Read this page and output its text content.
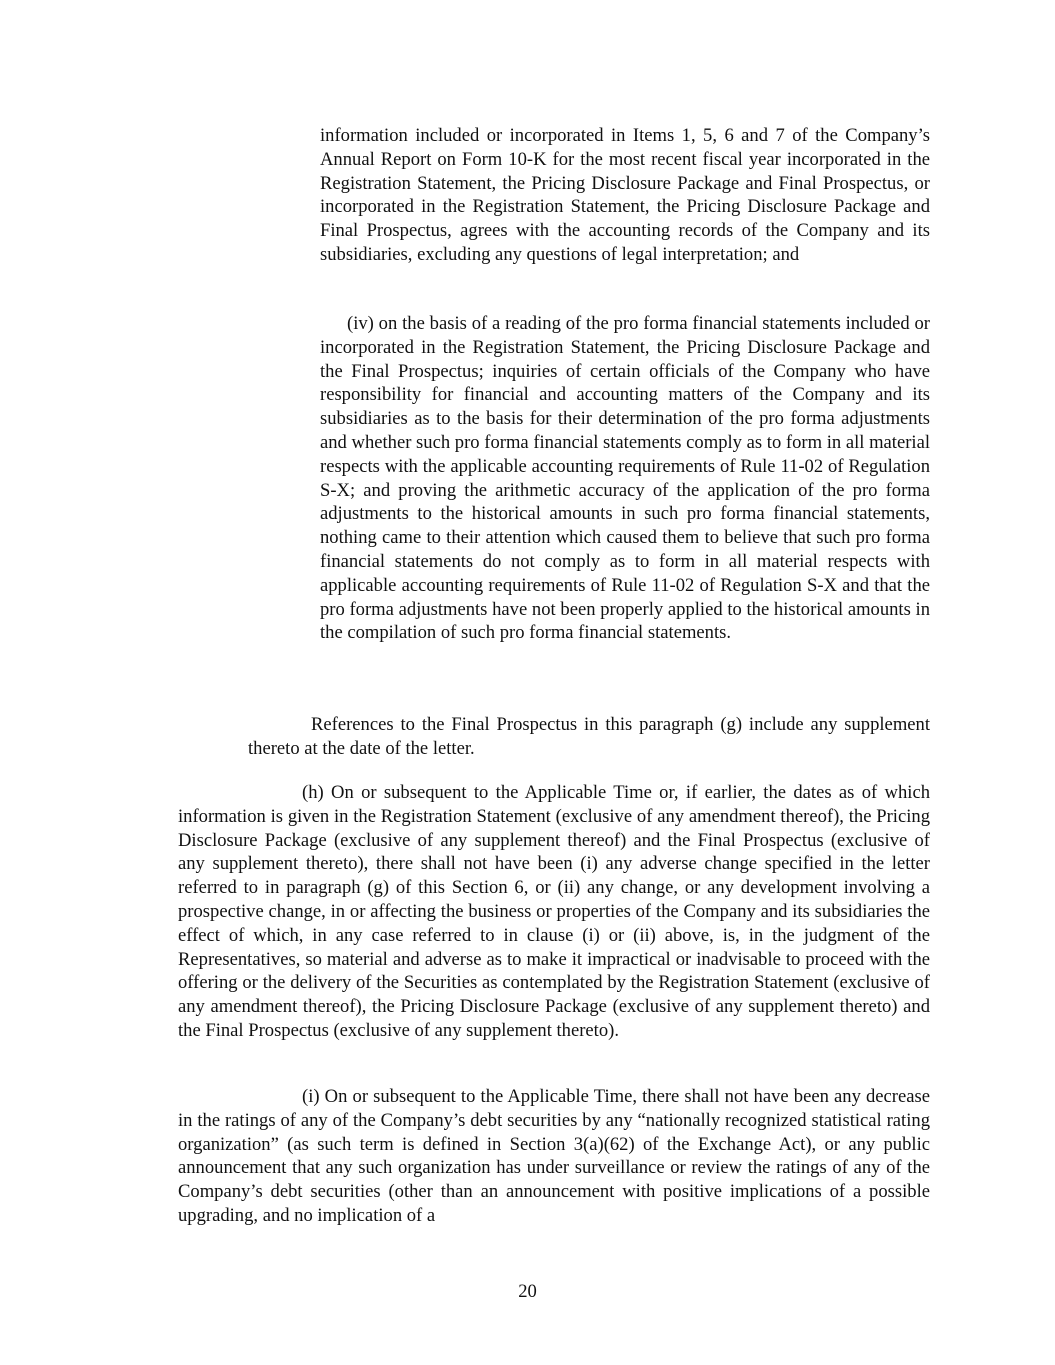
information included or incorporated in Items 1, 5, 6 and 7 of the Company’s Annual Report on Form 10-K for the most recent fiscal year incorporated in the Registration Statement, the Pricing Disclosure Package and Final Prospectus, or incorporated in the Registration Statement, the Pricing Disclosure Package and Final Prospectus, agrees with the accounting records of the Company and its subsidiaries, excluding any questions of legal interpretation; and

(iv) on the basis of a reading of the pro forma financial statements included or incorporated in the Registration Statement, the Pricing Disclosure Package and the Final Prospectus; inquiries of certain officials of the Company who have responsibility for financial and accounting matters of the Company and its subsidiaries as to the basis for their determination of the pro forma adjustments and whether such pro forma financial statements comply as to form in all material respects with the applicable accounting requirements of Rule 11-02 of Regulation S-X; and proving the arithmetic accuracy of the application of the pro forma adjustments to the historical amounts in such pro forma financial statements, nothing came to their attention which caused them to believe that such pro forma financial statements do not comply as to form in all material respects with applicable accounting requirements of Rule 11-02 of Regulation S-X and that the pro forma adjustments have not been properly applied to the historical amounts in the compilation of such pro forma financial statements.

References to the Final Prospectus in this paragraph (g) include any supplement thereto at the date of the letter.

(h) On or subsequent to the Applicable Time or, if earlier, the dates as of which information is given in the Registration Statement (exclusive of any amendment thereof), the Pricing Disclosure Package (exclusive of any supplement thereof) and the Final Prospectus (exclusive of any supplement thereto), there shall not have been (i) any adverse change specified in the letter referred to in paragraph (g) of this Section 6, or (ii) any change, or any development involving a prospective change, in or affecting the business or properties of the Company and its subsidiaries the effect of which, in any case referred to in clause (i) or (ii) above, is, in the judgment of the Representatives, so material and adverse as to make it impractical or inadvisable to proceed with the offering or the delivery of the Securities as contemplated by the Registration Statement (exclusive of any amendment thereof), the Pricing Disclosure Package (exclusive of any supplement thereto) and the Final Prospectus (exclusive of any supplement thereto).

(i) On or subsequent to the Applicable Time, there shall not have been any decrease in the ratings of any of the Company’s debt securities by any “nationally recognized statistical rating organization” (as such term is defined in Section 3(a)(62) of the Exchange Act), or any public announcement that any such organization has under surveillance or review the ratings of any of the Company’s debt securities (other than an announcement with positive implications of a possible upgrading, and no implication of a

20
